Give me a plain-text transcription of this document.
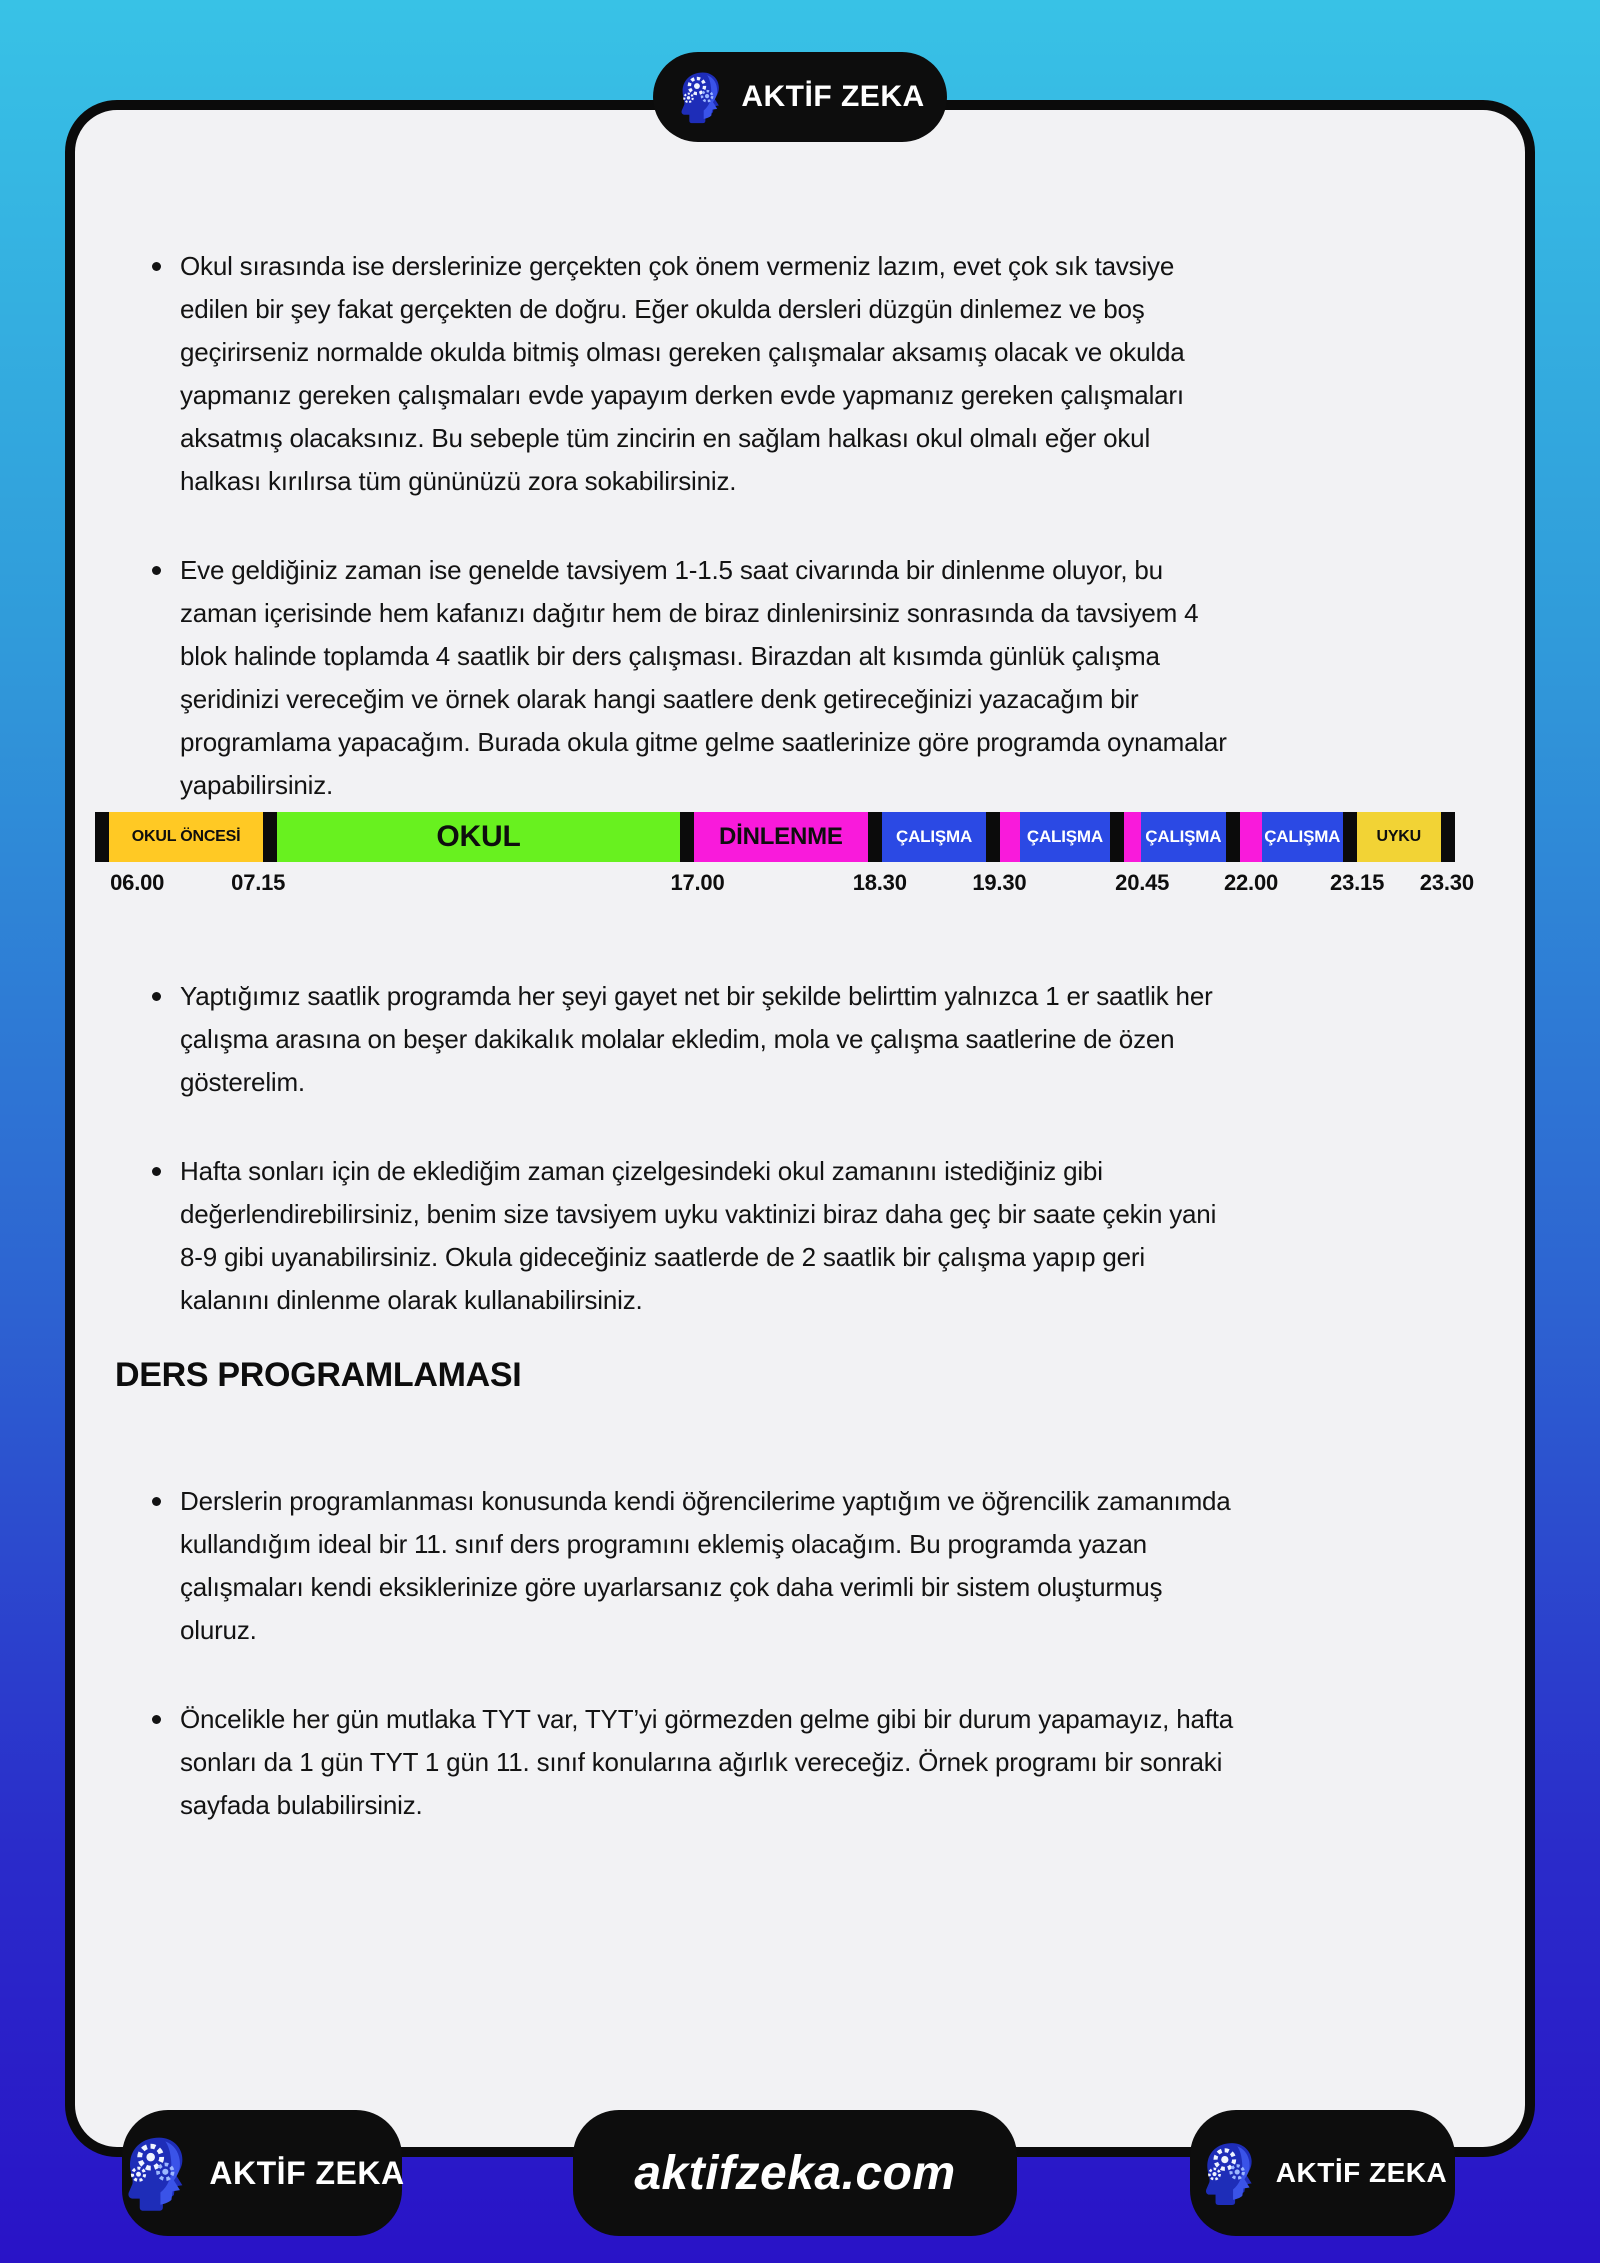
Okul sırasında ise derslerinize gerçekten çok önem vermeniz lazım, evet çok sık tavsiye edilen bir şey fakat gerçekten de doğru. Eğer okulda dersleri düzgün dinlemez ve boş geçirirseniz normalde okulda bitmiş olması gereken çalışmalar aksamış olacak ve okulda yapmanız gereken çalışmaları evde yapayım derken evde yapmanız gereken çalışmaları aksatmış olacaksınız. Bu sebeple tüm zincirin en sağlam halkası okul olmalı eğer okul halkası kırılırsa tüm gününüzü zora sokabilirsiniz.
Eve geldiğiniz zaman ise genelde tavsiyem 1-1.5 saat civarında bir dinlenme oluyor, bu zaman içerisinde hem kafanızı dağıtır hem de biraz dinlenirsiniz sonrasında da tavsiyem 4 blok halinde toplamda 4 saatlik bir ders çalışması. Birazdan alt kısımda günlük çalışma şeridinizi vereceğim ve örnek olarak hangi saatlere denk getireceğinizi yazacağım bir programlama yapacağım. Burada okula gitme gelme saatlerinize göre programda oynamalar yapabilirsiniz.
OKUL ÖNCESİ	OKUL	DİNLENME	ÇALIŞMA	ÇALIŞMA	ÇALIŞMA	ÇALIŞMA	UYKU
06.00	07.15	17.00	18.30	19.30	20.45 22.00 23.15 23.30
Yaptığımız saatlik programda her şeyi gayet net bir şekilde belirttim yalnızca 1 er saatlik her çalışma arasına on beşer dakikalık molalar ekledim, mola ve çalışma saatlerine de özen gösterelim.
Hafta sonları için de eklediğim zaman çizelgesindeki okul zamanını istediğiniz gibi değerlendirebilirsiniz, benim size tavsiyem uyku vaktinizi biraz daha geç bir saate çekin yani 8-9 gibi uyanabilirsiniz. Okula gideceğiniz saatlerde de 2 saatlik bir çalışma yapıp geri kalanını dinlenme olarak kullanabilirsiniz.
DERS PROGRAMLAMASI
Derslerin programlanması konusunda kendi öğrencilerime yaptığım ve öğrencilik zamanımda kullandığım ideal bir 11. sınıf ders programını eklemiş olacağım. Bu programda yazan çalışmaları kendi eksiklerinize göre uyarlarsanız çok daha verimli bir sistem oluşturmuş oluruz.
Öncelikle her gün mutlaka TYT var, TYT’yi görmezden gelme gibi bir durum yapamayız, hafta sonları da 1 gün TYT 1 gün 11. sınıf konularına ağırlık vereceğiz. Örnek programı bir sonraki sayfada bulabilirsiniz.
AKTİF ZEKA
AKTİF ZEKA	aktifzeka.com	AKTİF ZEKA
